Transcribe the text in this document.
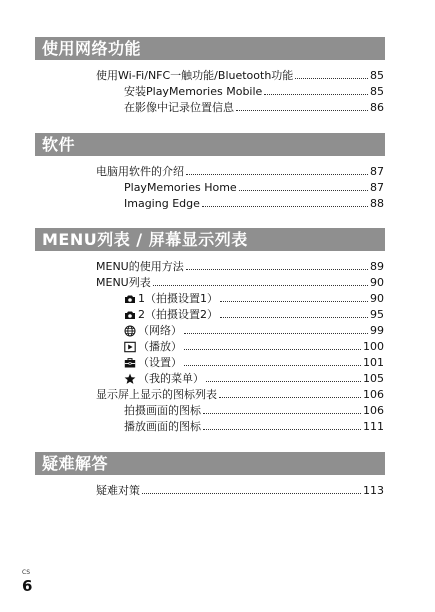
使用网络功能
使用Wi-Fi/NFC一触功能/Bluetooth功能	85
安装PlayMemories Mobile	85
在影像中记录位置信息	86
软件
电脑用软件的介绍	87
PlayMemories Home	87
Imaging Edge	88
MENU列表 / 屏幕显示列表
MENU的使用方法	89
MENU列表	90
1（拍摄设置1）	90
2（拍摄设置2）	95
（网络）	99
（播放）	100
（设置）	101
（我的菜单）	105
显示屏上显示的图标列表	106
拍摄画面的图标	106
播放画面的图标	111
疑难解答
疑难对策	113
CS
6
